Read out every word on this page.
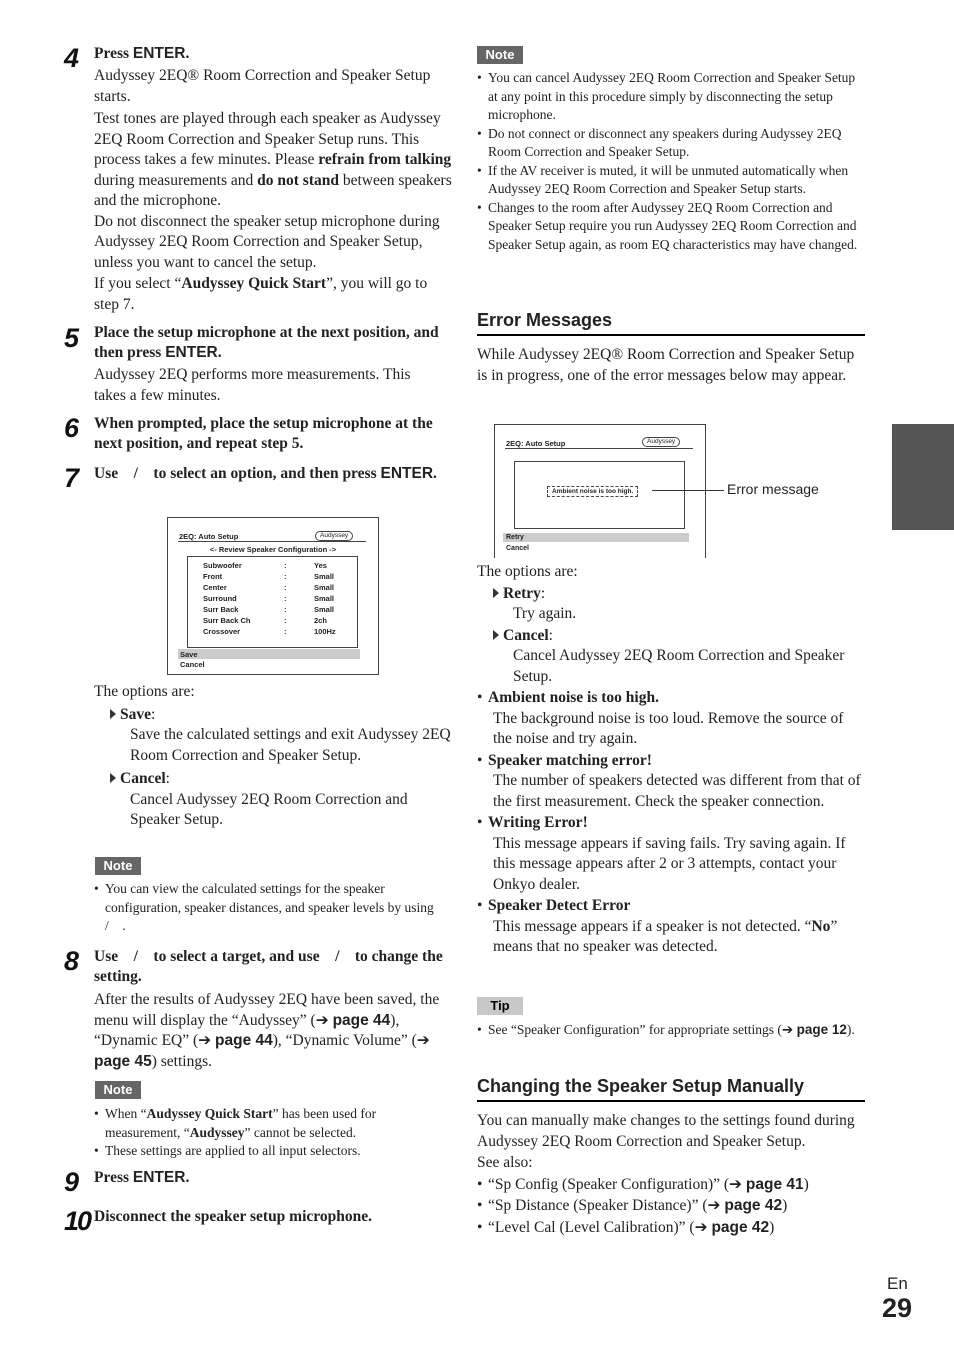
4 Press ENTER.
Audyssey 2EQ® Room Correction and Speaker Setup starts.
Test tones are played through each speaker as Audyssey 2EQ Room Correction and Speaker Setup runs. This process takes a few minutes. Please refrain from talking during measurements and do not stand between speakers and the microphone.
Do not disconnect the speaker setup microphone during Audyssey 2EQ Room Correction and Speaker Setup, unless you want to cancel the setup.
If you select “Audyssey Quick Start”, you will go to step 7.
5 Place the setup microphone at the next position, and then press ENTER.
Audyssey 2EQ performs more measurements. This takes a few minutes.
6 When prompted, place the setup microphone at the next position, and repeat step 5.
7 Use    /    to select an option, and then press ENTER.
2EQ: Auto Setup	Audyssey
<- Review Speaker Configuration ->
Subwoofer	:	Yes
Front	:	Small
Center	:	Small
Surround	:	Small
Surr Back	:	Small
Surr Back Ch	:	2ch
Crossover	:	100Hz
Save
Cancel
The options are:
Save:
Save the calculated settings and exit Audyssey 2EQ Room Correction and Speaker Setup.
Cancel:
Cancel Audyssey 2EQ Room Correction and Speaker Setup.
Note
• You can view the calculated settings for the speaker configuration, speaker distances, and speaker levels by using    /    .
8 Use    /    to select a target, and use    /    to change the setting.
After the results of Audyssey 2EQ have been saved, the menu will display the “Audyssey” (➔ page 44), “Dynamic EQ” (➔ page 44), “Dynamic Volume” (➔ page 45) settings.
Note
• When “Audyssey Quick Start” has been used for measurement, “Audyssey” cannot be selected.
• These settings are applied to all input selectors.
9 Press ENTER.
10 Disconnect the speaker setup microphone.
Note
• You can cancel Audyssey 2EQ Room Correction and Speaker Setup at any point in this procedure simply by disconnecting the setup microphone.
• Do not connect or disconnect any speakers during Audyssey 2EQ Room Correction and Speaker Setup.
• If the AV receiver is muted, it will be unmuted automatically when Audyssey 2EQ Room Correction and Speaker Setup starts.
• Changes to the room after Audyssey 2EQ Room Correction and Speaker Setup require you run Audyssey 2EQ Room Correction and Speaker Setup again, as room EQ characteristics may have changed.
Error Messages
While Audyssey 2EQ® Room Correction and Speaker Setup is in progress, one of the error messages below may appear.
2EQ: Auto Setup	Audyssey
Ambient noise is too high.
Retry
Cancel
Error message
The options are:
Retry:
Try again.
Cancel:
Cancel Audyssey 2EQ Room Correction and Speaker Setup.
• Ambient noise is too high.
The background noise is too loud. Remove the source of the noise and try again.
• Speaker matching error!
The number of speakers detected was different from that of the first measurement. Check the speaker connection.
• Writing Error!
This message appears if saving fails. Try saving again. If this message appears after 2 or 3 attempts, contact your Onkyo dealer.
• Speaker Detect Error
This message appears if a speaker is not detected. “No” means that no speaker was detected.
Tip
• See “Speaker Configuration” for appropriate settings (➔ page 12).
Changing the Speaker Setup Manually
You can manually make changes to the settings found during Audyssey 2EQ Room Correction and Speaker Setup.
See also:
• “Sp Config (Speaker Configuration)” (➔ page 41)
• “Sp Distance (Speaker Distance)” (➔ page 42)
• “Level Cal (Level Calibration)” (➔ page 42)
En
29
